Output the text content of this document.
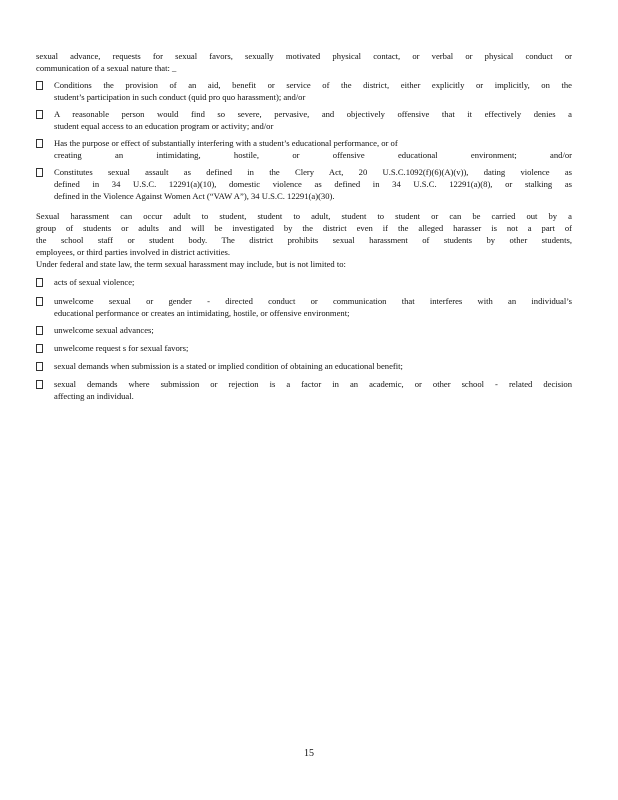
sexual advance, requests for sexual favors, sexually motivated physical contact, or verbal or physical conduct or
communication of a sexual nature that: _
Conditions the provision of an aid, benefit or service of the district, either explicitly or implicitly, on the
student’s participation in such conduct (quid pro quo harassment); and/or
A reasonable person would find so severe, pervasive, and objectively offensive that it effectively denies a
student equal access to an education program or activity; and/or
Has the purpose or effect of substantially interfering with a student’s educational performance, or of
creating an intimidating, hostile, or offensive educational environment; and/or
Constitutes sexual assault as defined in the Clery Act, 20 U.S.C.1092(f)(6)(A)(v)), dating violence as
defined in 34 U.S.C. 12291(a)(10), domestic violence as defined in 34 U.S.C. 12291(a)(8), or stalking as
defined in the Violence Against Women Act (“VAW A”), 34 U.S.C. 12291(a)(30).
Sexual harassment can occur adult to student, student to adult, student to student or can be carried out by a
group of students or adults and will be investigated by the district even if the alleged harasser is not a part of
the school staff or student body. The district prohibits sexual harassment of students by other students,
employees, or third parties involved in district activities.
Under federal and state law, the term sexual harassment may include, but is not limited to:
acts of sexual violence;
unwelcome sexual or gender - directed conduct or communication that interferes with an individual’s
educational performance or creates an intimidating, hostile, or offensive environment;
unwelcome sexual advances;
unwelcome request s for sexual favors;
sexual demands when submission is a stated or implied condition of obtaining an educational benefit;
sexual demands where submission or rejection is a factor in an academic, or other school - related decision
affecting an individual.
15
